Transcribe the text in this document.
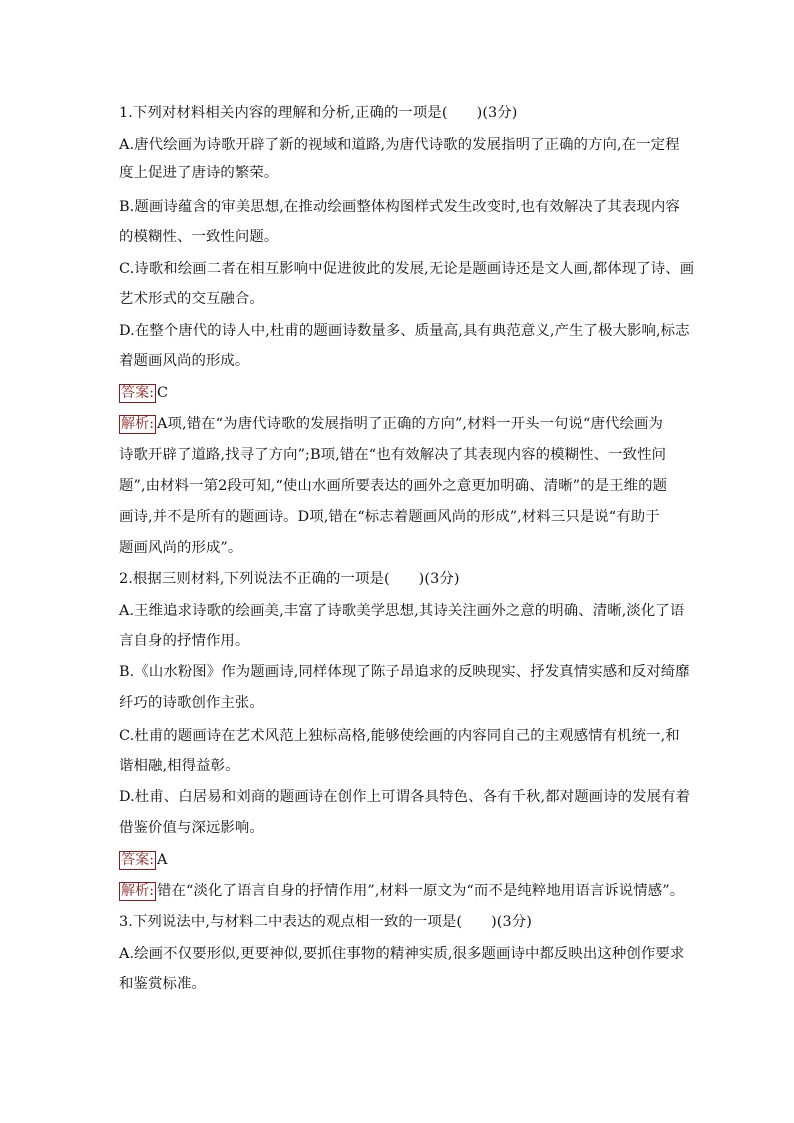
1.下列对材料相关内容的理解和分析,正确的一项是(　　)(3分)
A.唐代绘画为诗歌开辟了新的视域和道路,为唐代诗歌的发展指明了正确的方向,在一定程
度上促进了唐诗的繁荣。
B.题画诗蕴含的审美思想,在推动绘画整体构图样式发生改变时,也有效解决了其表现内容
的模糊性、一致性问题。
C.诗歌和绘画二者在相互影响中促进彼此的发展,无论是题画诗还是文人画,都体现了诗、画
艺术形式的交互融合。
D.在整个唐代的诗人中,杜甫的题画诗数量多、质量高,具有典范意义,产生了极大影响,标志
着题画风尚的形成。
答案: C
解析: A项,错在“为唐代诗歌的发展指明了正确的方向”,材料一开头一句说“唐代绘画为
诗歌开辟了道路,找寻了方向”;B项,错在“也有效解决了其表现内容的模糊性、一致性问
题”,由材料一第2段可知,“使山水画所要表达的画外之意更加明确、清晰”的是王维的题
画诗,并不是所有的题画诗。D项,错在“标志着题画风尚的形成”,材料三只是说“有助于
题画风尚的形成”。
2.根据三则材料,下列说法不正确的一项是(　　)(3分)
A.王维追求诗歌的绘画美,丰富了诗歌美学思想,其诗关注画外之意的明确、清晰,淡化了语
言自身的抒情作用。
B.《山水粉图》作为题画诗,同样体现了陈子昂追求的反映现实、抒发真情实感和反对绮靡
纤巧的诗歌创作主张。
C.杜甫的题画诗在艺术风范上独标高格,能够使绘画的内容同自己的主观感情有机统一,和
谐相融,相得益彰。
D.杜甫、白居易和刘商的题画诗在创作上可谓各具特色、各有千秋,都对题画诗的发展有着
借鉴价值与深远影响。
答案: A
解析: 错在“淡化了语言自身的抒情作用”,材料一原文为“而不是纯粹地用语言诉说情感”。
3.下列说法中,与材料二中表达的观点相一致的一项是(　　)(3分)
A.绘画不仅要形似,更要神似,要抓住事物的精神实质,很多题画诗中都反映出这种创作要求
和鉴赏标准。
